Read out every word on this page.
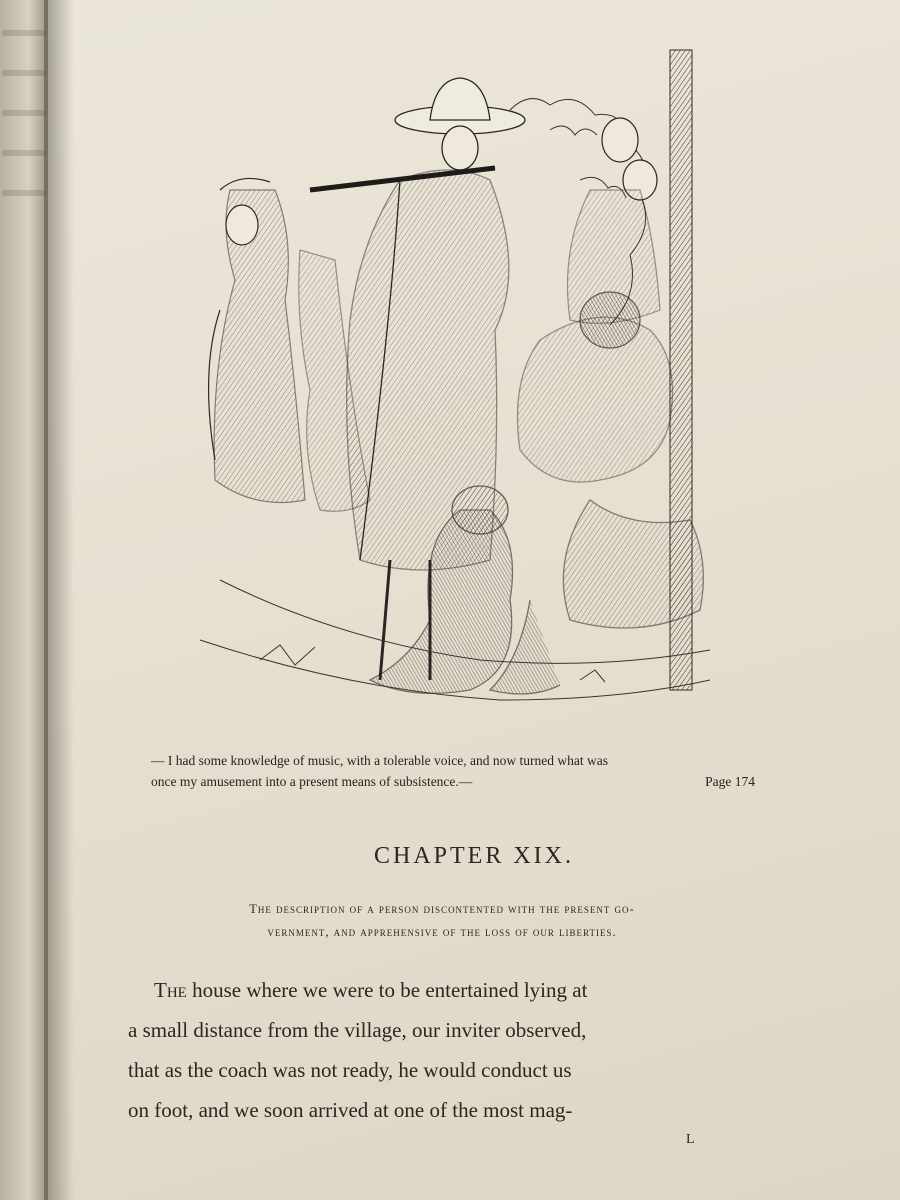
— I had some knowledge of music, with a tolerable voice, and now turned what was
once my amusement into a present means of subsistence.—	Page 174
CHAPTER XIX.
The description of a person discontented with the present go-
vernment, and apprehensive of the loss of our liberties.
The house where we were to be entertained lying at
a small distance from the village, our inviter observed,
that as the coach was not ready, he would conduct us
on foot, and we soon arrived at one of the most mag-
L
